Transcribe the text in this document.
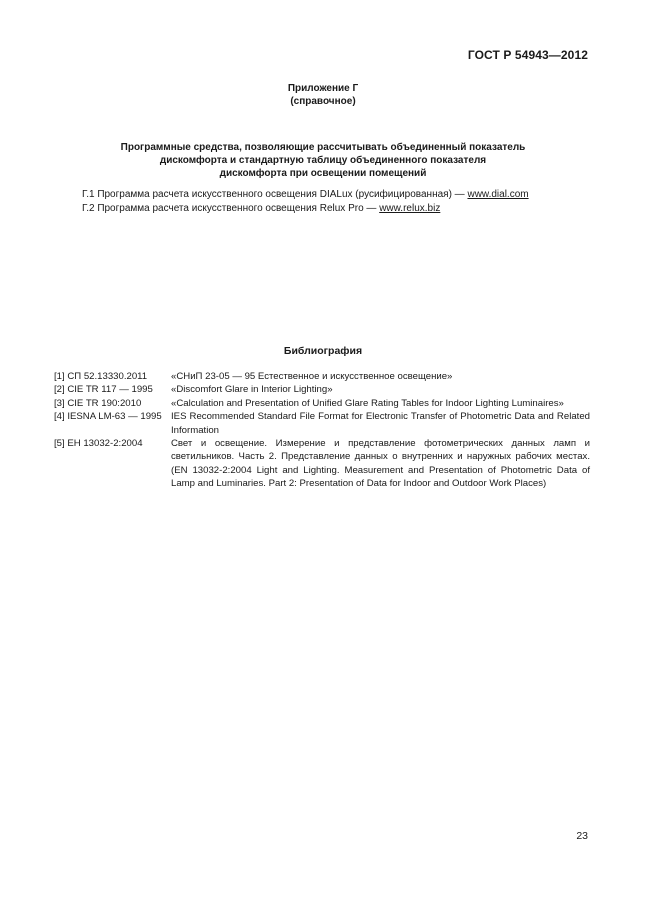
ГОСТ Р 54943—2012
Приложение Г
(справочное)
Программные средства, позволяющие рассчитывать объединенный показатель
дискомфорта и стандартную таблицу объединенного показателя
дискомфорта при освещении помещений
Г.1 Программа расчета искусственного освещения DIALux (русифицированная) — www.dial.com
Г.2 Программа расчета искусственного освещения Relux Pro — www.relux.biz
Библиография
[1] СП 52.13330.2011	«СНиП 23-05 — 95 Естественное и искусственное освещение»
[2] CIE TR 117 — 1995	«Discomfort Glare in Interior Lighting»
[3] CIE TR 190:2010	«Calculation and Presentation of Unified Glare Rating Tables for Indoor Lighting Luminaires»
[4] IESNA LM-63 — 1995 IES Recommended Standard File Format for Electronic Transfer of Photometric Data and Related Information
[5] ЕН 13032-2:2004	Свет и освещение. Измерение и представление фотометрических данных ламп и светильников. Часть 2. Представление данных о внутренних и наружных рабочих местах. (EN 13032-2:2004 Light and Lighting. Measurement and Presentation of Photometric Data of Lamp and Luminaries. Part 2: Presentation of Data for Indoor and Outdoor Work Places)
23
